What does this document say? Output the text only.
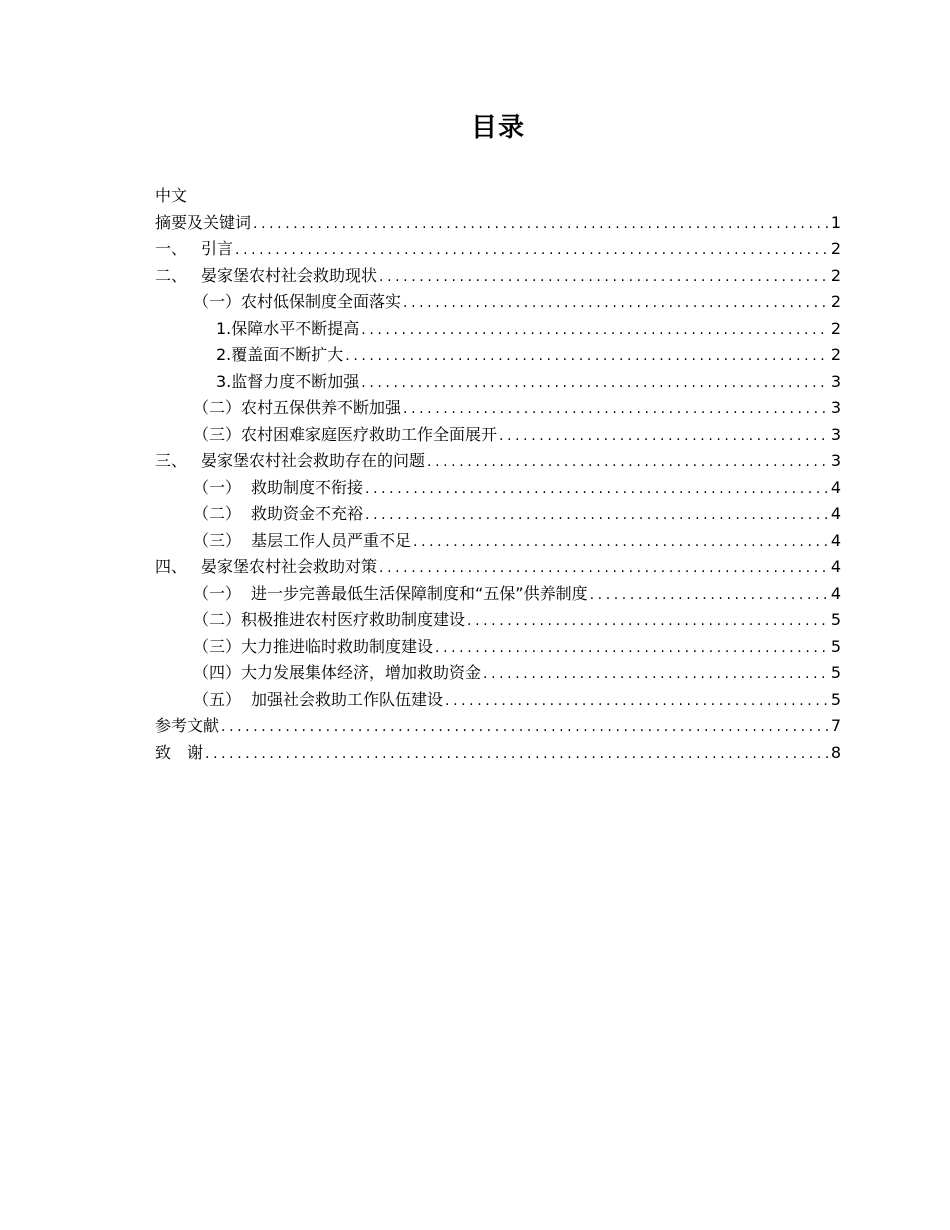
目录
中文
摘要及关键词 .....	1
一、 引言 .....	2
二、 晏家堡农村社会救助现状 .....	2
（一） 农村低保制度全面落实 .....	2
1. 保障水平不断提高 .....	2
2. 覆盖面不断扩大 .....	2
3. 监督力度不断加强 .....	3
（二） 农村五保供养不断加强 .....	3
（三） 农村困难家庭医疗救助工作全面展开 .....	3
三、 晏家堡农村社会救助存在的问题 .....	3
（一） 救助制度不衔接 .....	4
（二） 救助资金不充裕 .....	4
（三） 基层工作人员严重不足 .....	4
四、 晏家堡农村社会救助对策 .....	4
（一） 进一步完善最低生活保障制度和“五保”供养制度 .....	4
（二） 积极推进农村医疗救助制度建设 .....	5
（三） 大力推进临时救助制度建设 .....	5
（四） 大力发展集体经济，增加救助资金 .....	5
（五） 加强社会救助工作队伍建设 .....	5
参考文献 .....	7
致　谢 .....	8
